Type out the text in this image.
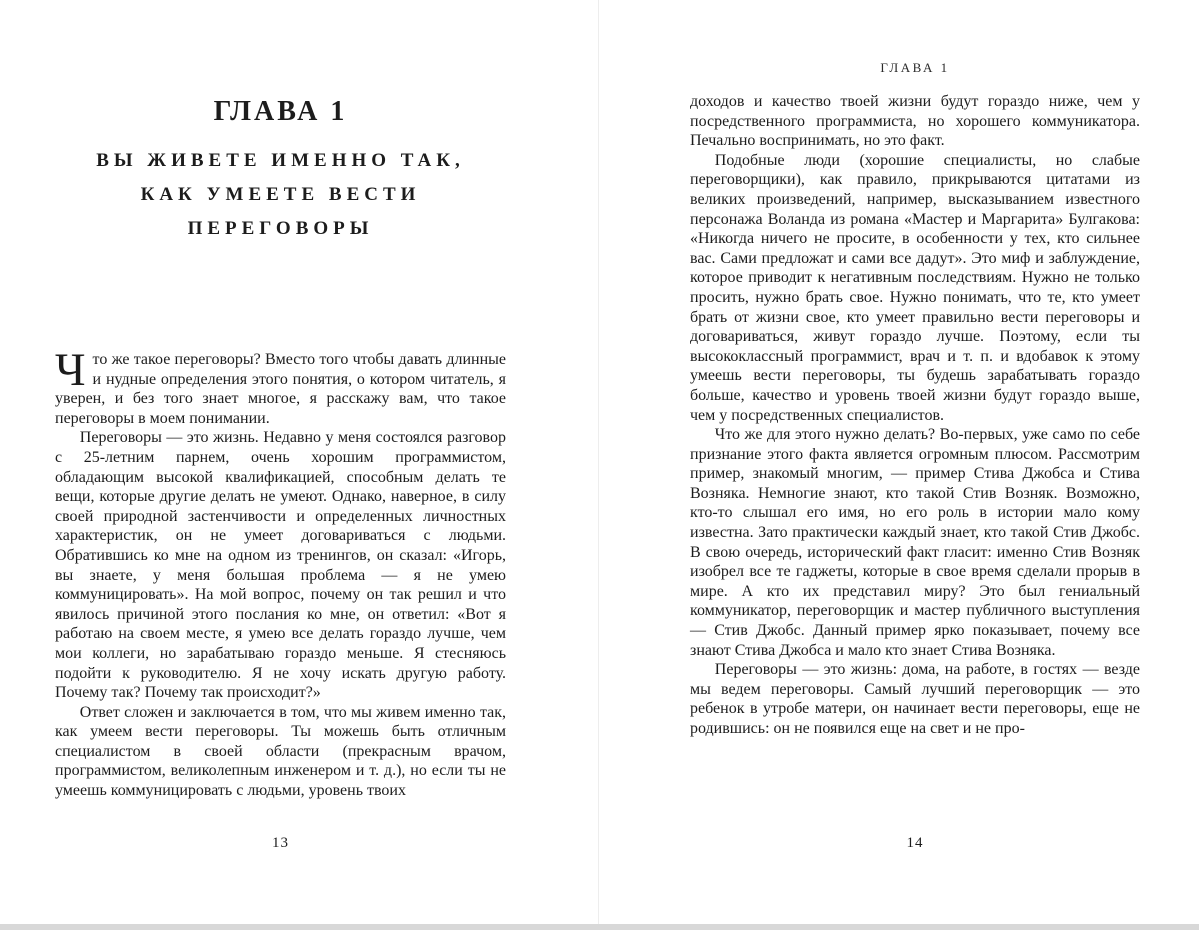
ГЛАВА 1
ВЫ ЖИВЕТЕ ИМЕННО ТАК,
КАК УМЕЕТЕ ВЕСТИ
ПЕРЕГОВОРЫ

Что же такое переговоры? Вместо того чтобы давать длинные и нудные определения этого понятия, о котором читатель, я уверен, и без того знает многое, я расскажу вам, что такое переговоры в моем понимании.

Переговоры — это жизнь. Недавно у меня состоялся разговор с 25-летним парнем, очень хорошим программистом, обладающим высокой квалификацией, способным делать те вещи, которые другие делать не умеют. Однако, наверное, в силу своей природной застенчивости и определенных личностных характеристик, он не умеет договариваться с людьми. Обратившись ко мне на одном из тренингов, он сказал: «Игорь, вы знаете, у меня большая проблема — я не умею коммуницировать». На мой вопрос, почему он так решил и что явилось причиной этого послания ко мне, он ответил: «Вот я работаю на своем месте, я умею все делать гораздо лучше, чем мои коллеги, но зарабатываю гораздо меньше. Я стесняюсь подойти к руководителю. Я не хочу искать другую работу. Почему так? Почему так происходит?»

Ответ сложен и заключается в том, что мы живем именно так, как умеем вести переговоры. Ты можешь быть отличным специалистом в своей области (прекрасным врачом, программистом, великолепным инженером и т. д.), но если ты не умеешь коммуницировать с людьми, уровень твоих

13
ГЛАВА 1

доходов и качество твоей жизни будут гораздо ниже, чем у посредственного программиста, но хорошего коммуникатора. Печально воспринимать, но это факт.

Подобные люди (хорошие специалисты, но слабые переговорщики), как правило, прикрываются цитатами из великих произведений, например, высказыванием известного персонажа Воланда из романа «Мастер и Маргарита» Булгакова: «Никогда ничего не просите, в особенности у тех, кто сильнее вас. Сами предложат и сами все дадут». Это миф и заблуждение, которое приводит к негативным последствиям. Нужно не только просить, нужно брать свое. Нужно понимать, что те, кто умеет брать от жизни свое, кто умеет правильно вести переговоры и договариваться, живут гораздо лучше. Поэтому, если ты высококлассный программист, врач и т. п. и вдобавок к этому умеешь вести переговоры, ты будешь зарабатывать гораздо больше, качество и уровень твоей жизни будут гораздо выше, чем у посредственных специалистов.

Что же для этого нужно делать? Во-первых, уже само по себе признание этого факта является огромным плюсом. Рассмотрим пример, знакомый многим, — пример Стива Джобса и Стива Возняка. Немногие знают, кто такой Стив Возняк. Возможно, кто-то слышал его имя, но его роль в истории мало кому известна. Зато практически каждый знает, кто такой Стив Джобс. В свою очередь, исторический факт гласит: именно Стив Возняк изобрел все те гаджеты, которые в свое время сделали прорыв в мире. А кто их представил миру? Это был гениальный коммуникатор, переговорщик и мастер публичного выступления — Стив Джобс. Данный пример ярко показывает, почему все знают Стива Джобса и мало кто знает Стива Возняка.

Переговоры — это жизнь: дома, на работе, в гостях — везде мы ведем переговоры. Самый лучший переговорщик — это ребенок в утробе матери, он начинает вести переговоры, еще не родившись: он не появился еще на свет и не про-

14
